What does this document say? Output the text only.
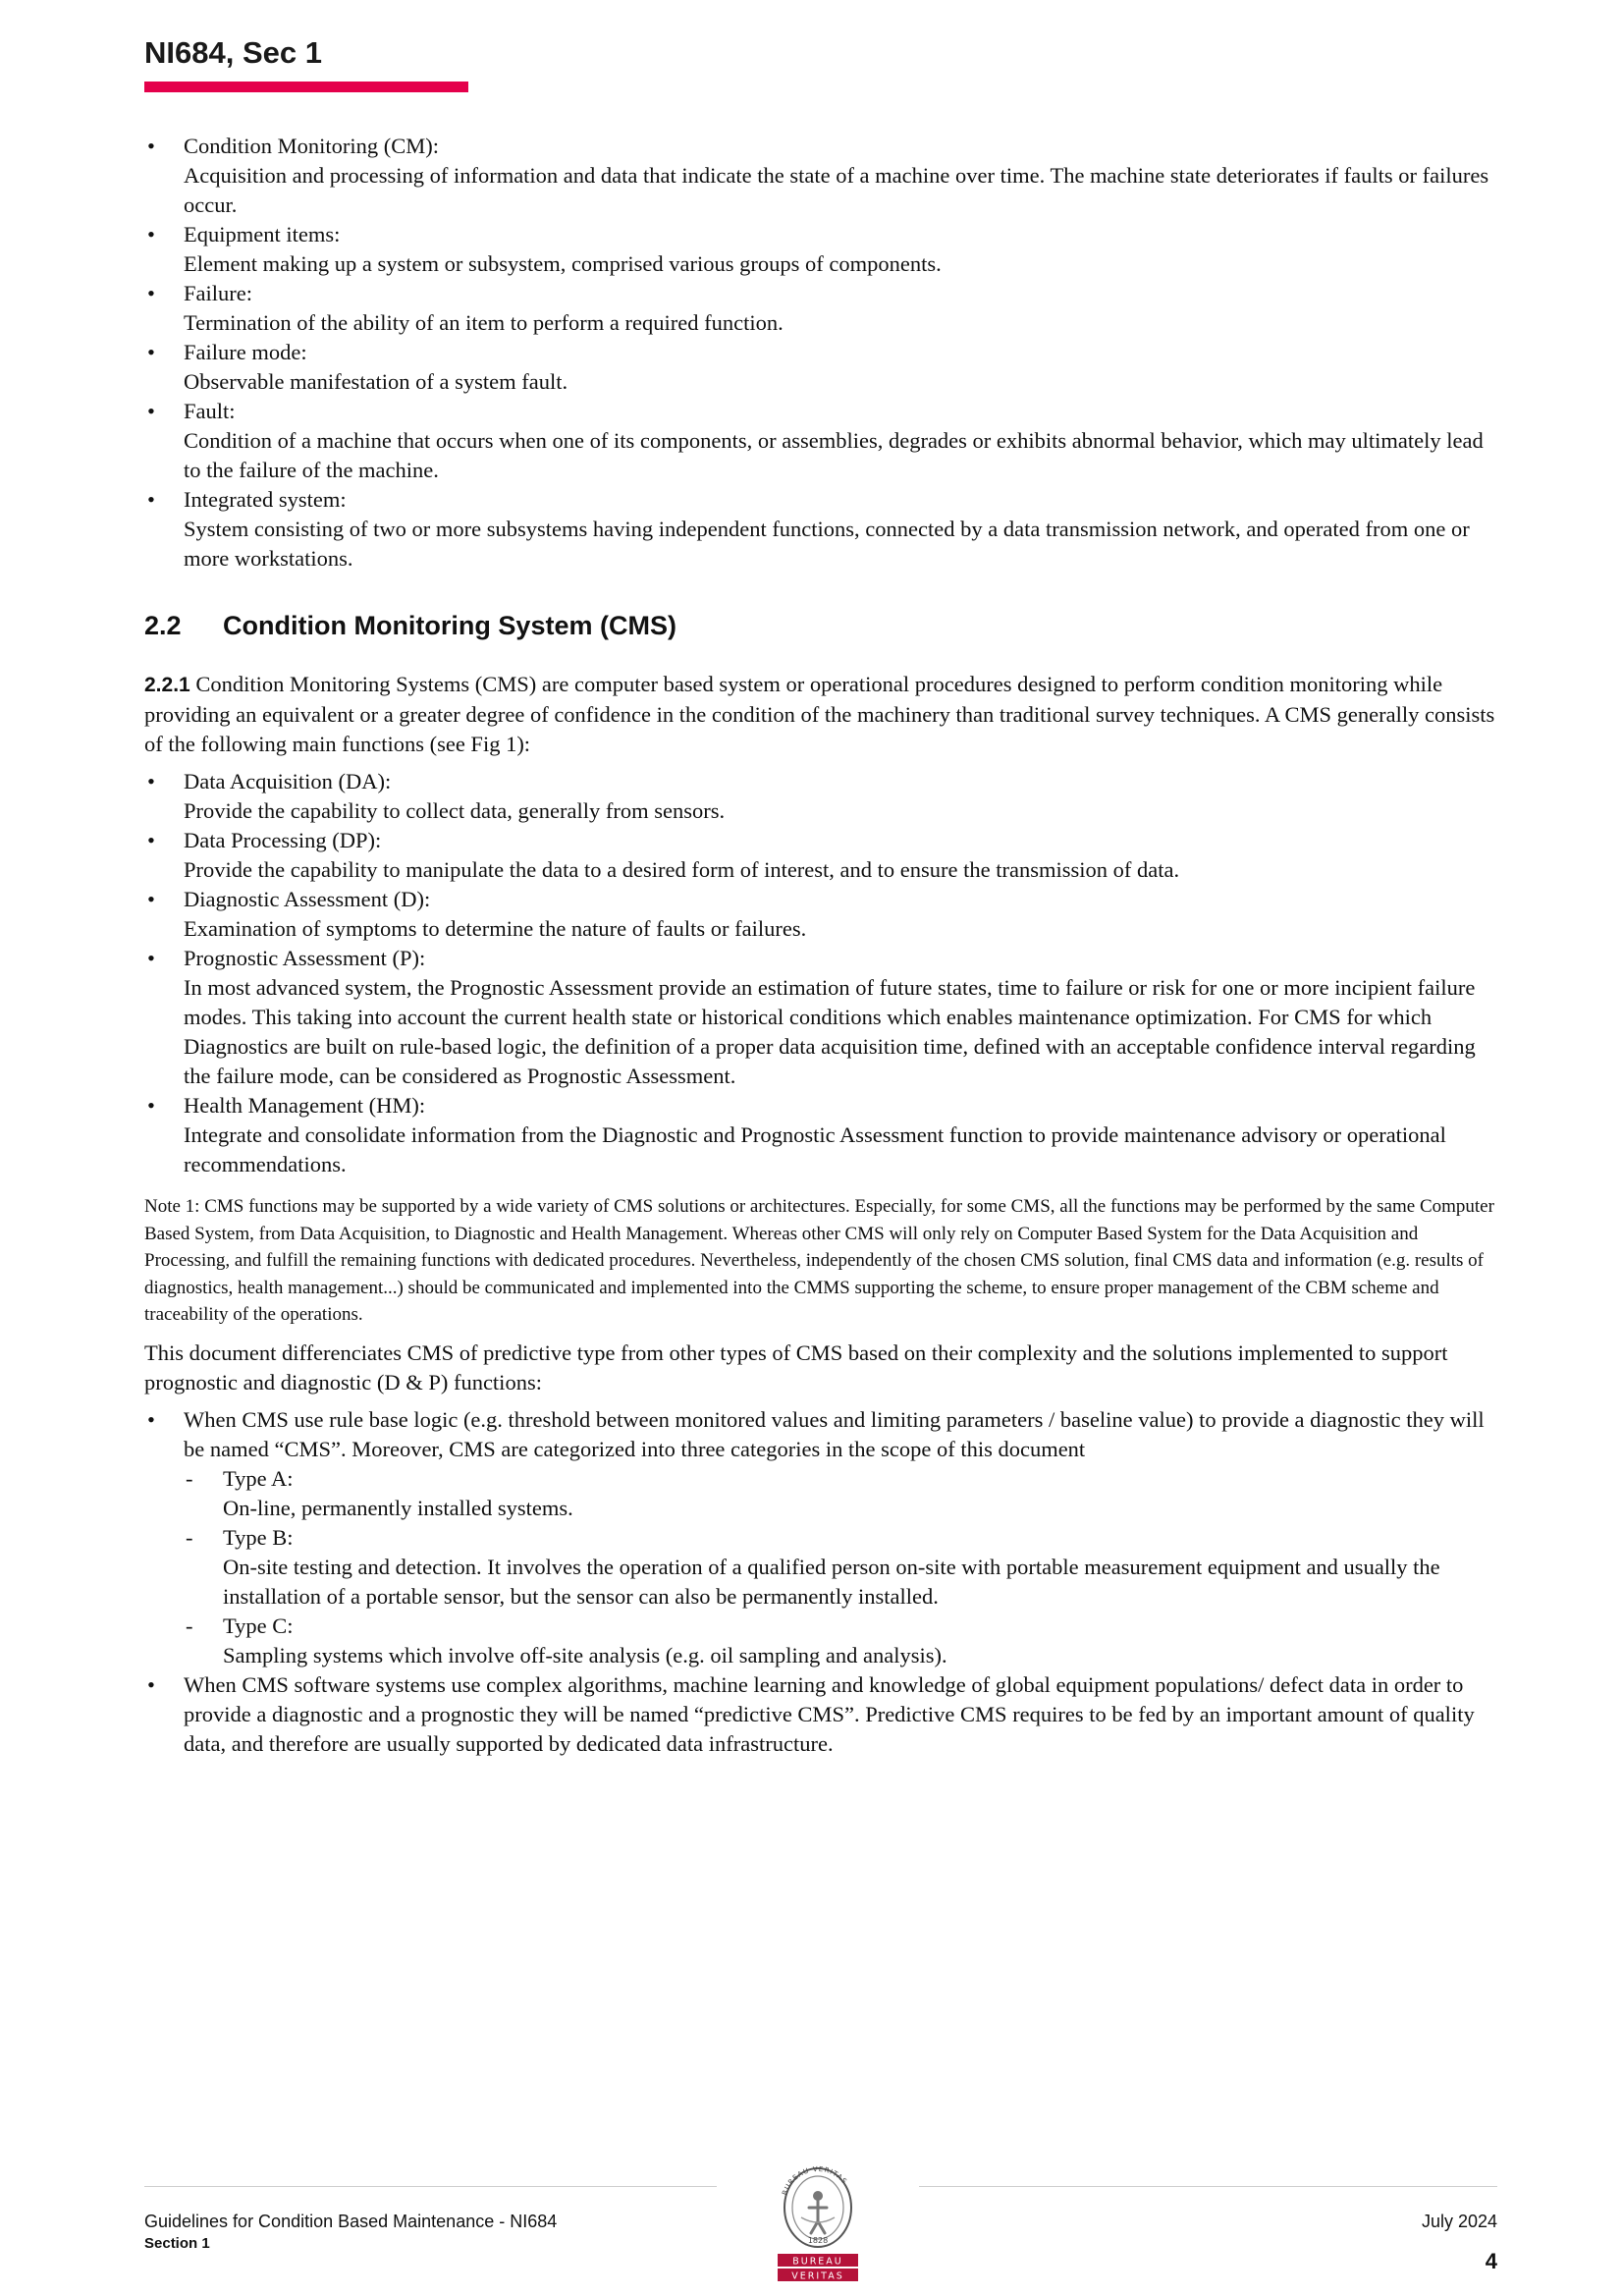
NI684, Sec 1

• Condition Monitoring (CM):

Acquisition and processing of information and data that indicate the state of a machine over time. The machine state deteriorates if faults or failures occur.

• Equipment items:

Element making up a system or subsystem, comprised various groups of components.

• Failure:

Termination of the ability of an item to perform a required function.

• Failure mode:

Observable manifestation of a system fault.

• Fault:

Condition of a machine that occurs when one of its components, or assemblies, degrades or exhibits abnormal behavior, which may ultimately lead to the failure of the machine.

• Integrated system:

System consisting of two or more subsystems having independent functions, connected by a data transmission network, and operated from one or more workstations.

2.2 Condition Monitoring System (CMS)

2.2.1 Condition Monitoring Systems (CMS) are computer based system or operational procedures designed to perform condition monitoring while providing an equivalent or a greater degree of confidence in the condition of the machinery than traditional survey techniques. A CMS generally consists of the following main functions (see Fig 1):

• Data Acquisition (DA):

Provide the capability to collect data, generally from sensors.

• Data Processing (DP):

Provide the capability to manipulate the data to a desired form of interest, and to ensure the transmission of data.

• Diagnostic Assessment (D):

Examination of symptoms to determine the nature of faults or failures.

• Prognostic Assessment (P):

In most advanced system, the Prognostic Assessment provide an estimation of future states, time to failure or risk for one or more incipient failure modes. This taking into account the current health state or historical conditions which enables maintenance optimization. For CMS for which Diagnostics are built on rule-based logic, the definition of a proper data acquisition time, defined with an acceptable confidence interval regarding the failure mode, can be considered as Prognostic Assessment.

• Health Management (HM):

Integrate and consolidate information from the Diagnostic and Prognostic Assessment function to provide maintenance advisory or operational recommendations.

Note 1: CMS functions may be supported by a wide variety of CMS solutions or architectures. Especially, for some CMS, all the functions may be performed by the same Computer Based System, from Data Acquisition, to Diagnostic and Health Management. Whereas other CMS will only rely on Computer Based System for the Data Acquisition and Processing, and fulfill the remaining functions with dedicated procedures. Nevertheless, independently of the chosen CMS solution, final CMS data and information (e.g. results of diagnostics, health management...) should be communicated and implemented into the CMMS supporting the scheme, to ensure proper management of the CBM scheme and traceability of the operations.

This document differenciates CMS of predictive type from other types of CMS based on their complexity and the solutions implemented to support prognostic and diagnostic (D & P) functions:

• When CMS use rule base logic (e.g. threshold between monitored values and limiting parameters / baseline value) to provide a diagnostic they will be named “CMS”. Moreover, CMS are categorized into three categories in the scope of this document

- Type A:

On-line, permanently installed systems.

- Type B:

On-site testing and detection. It involves the operation of a qualified person on-site with portable measurement equipment and usually the installation of a portable sensor, but the sensor can also be permanently installed.

- Type C:

Sampling systems which involve off-site analysis (e.g. oil sampling and analysis).

• When CMS software systems use complex algorithms, machine learning and knowledge of global equipment populations/ defect data in order to provide a diagnostic and a prognostic they will be named “predictive CMS”. Predictive CMS requires to be fed by an important amount of quality data, and therefore are usually supported by dedicated data infrastructure.

Guidelines for Condition Based Maintenance - NI684
Section 1
BUREAU VERITAS
1828
BUREAU
VERITAS
July 2024
4
